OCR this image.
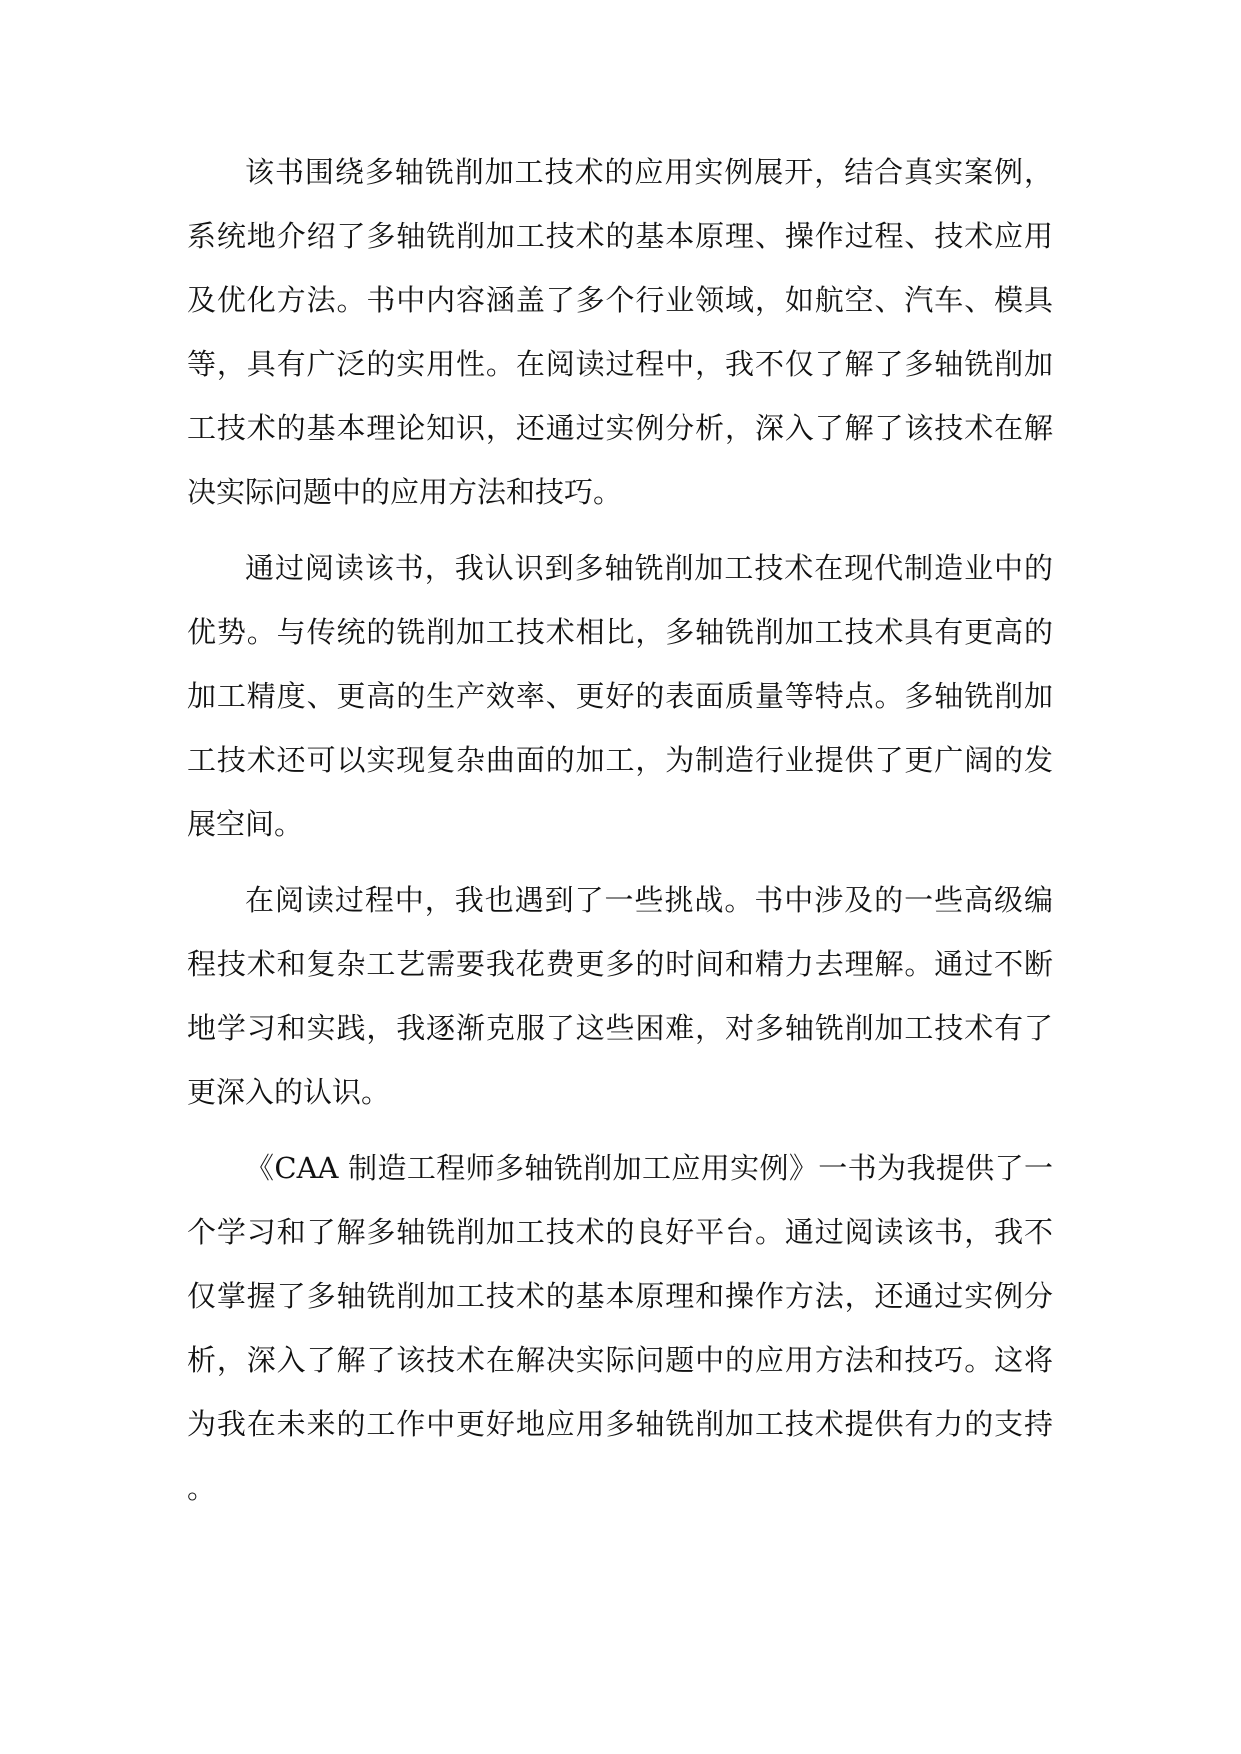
该书围绕多轴铣削加工技术的应用实例展开，结合真实案例，系统地介绍了多轴铣削加工技术的基本原理、操作过程、技术应用及优化方法。书中内容涵盖了多个行业领域，如航空、汽车、模具等，具有广泛的实用性。在阅读过程中，我不仅了解了多轴铣削加工技术的基本理论知识，还通过实例分析，深入了解了该技术在解决实际问题中的应用方法和技巧。

通过阅读该书，我认识到多轴铣削加工技术在现代制造业中的优势。与传统的铣削加工技术相比，多轴铣削加工技术具有更高的加工精度、更高的生产效率、更好的表面质量等特点。多轴铣削加工技术还可以实现复杂曲面的加工，为制造行业提供了更广阔的发展空间。

在阅读过程中，我也遇到了一些挑战。书中涉及的一些高级编程技术和复杂工艺需要我花费更多的时间和精力去理解。通过不断地学习和实践，我逐渐克服了这些困难，对多轴铣削加工技术有了更深入的认识。

《CAA 制造工程师多轴铣削加工应用实例》一书为我提供了一个学习和了解多轴铣削加工技术的良好平台。通过阅读该书，我不仅掌握了多轴铣削加工技术的基本原理和操作方法，还通过实例分析，深入了解了该技术在解决实际问题中的应用方法和技巧。这将为我在未来的工作中更好地应用多轴铣削加工技术提供有力的支持。
